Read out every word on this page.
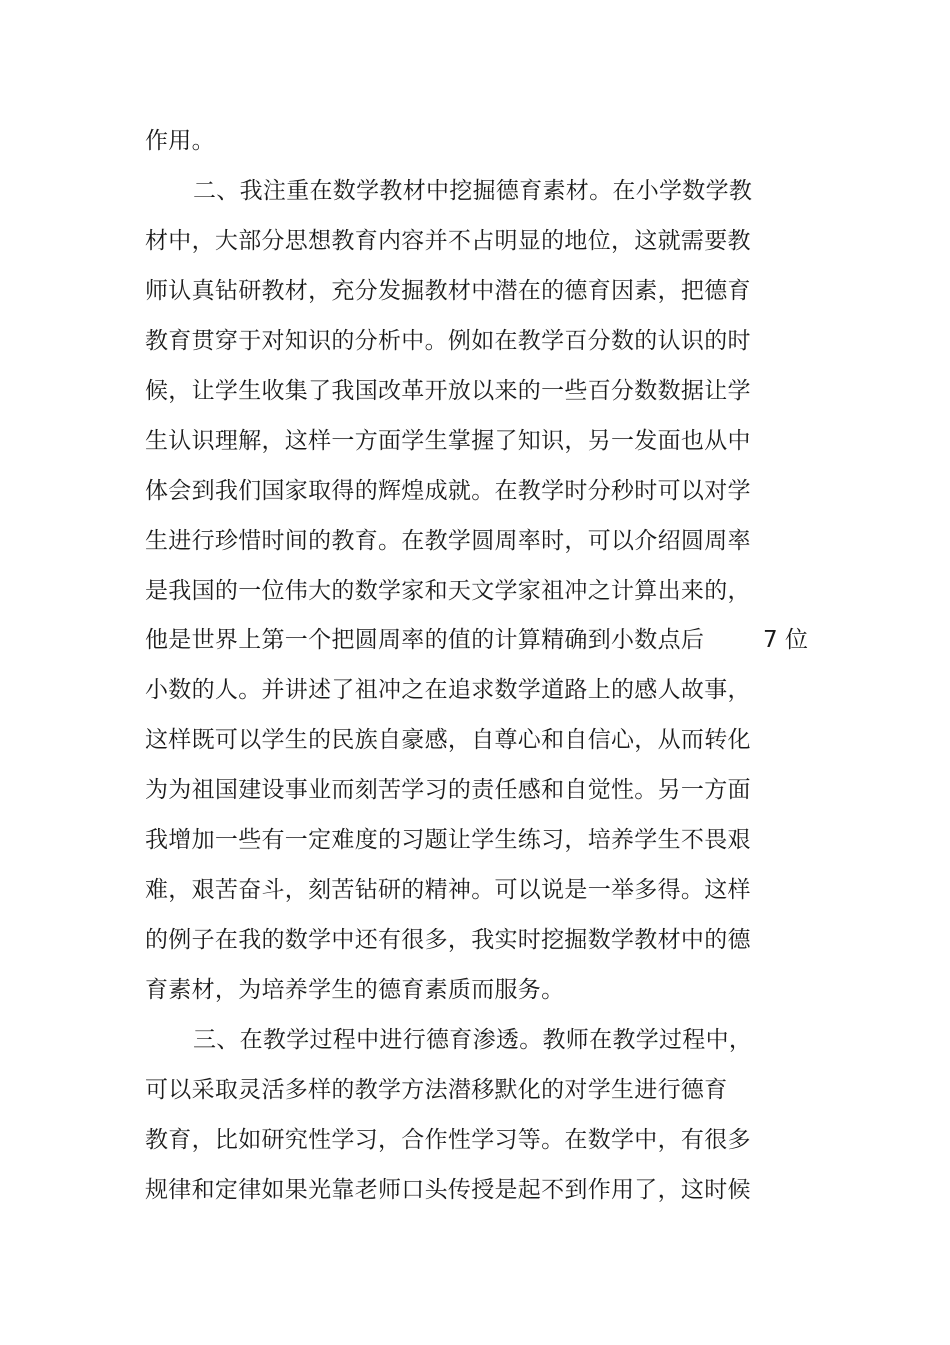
作用。
二、我注重在数学教材中挖掘德育素材。在小学数学教
材中，大部分思想教育内容并不占明显的地位，这就需要教
师认真钻研教材，充分发掘教材中潜在的德育因素，把德育
教育贯穿于对知识的分析中。例如在教学百分数的认识的时
候，让学生收集了我国改革开放以来的一些百分数数据让学
生认识理解，这样一方面学生掌握了知识，另一发面也从中
体会到我们国家取得的辉煌成就。在教学时分秒时可以对学
生进行珍惜时间的教育。在教学圆周率时，可以介绍圆周率
是我国的一位伟大的数学家和天文学家祖冲之计算出来的，
他是世界上第一个把圆周率的值的计算精确到小数点后	7 位
小数的人。并讲述了祖冲之在追求数学道路上的感人故事，
这样既可以学生的民族自豪感，自尊心和自信心，从而转化
为为祖国建设事业而刻苦学习的责任感和自觉性。另一方面
我增加一些有一定难度的习题让学生练习，培养学生不畏艰
难，艰苦奋斗，刻苦钻研的精神。可以说是一举多得。这样
的例子在我的数学中还有很多，我实时挖掘数学教材中的德
育素材，为培养学生的德育素质而服务。
三、在教学过程中进行德育渗透。教师在教学过程中，
可以采取灵活多样的教学方法潜移默化的对学生进行德育
教育，比如研究性学习，合作性学习等。在数学中，有很多
规律和定律如果光靠老师口头传授是起不到作用了，这时候
